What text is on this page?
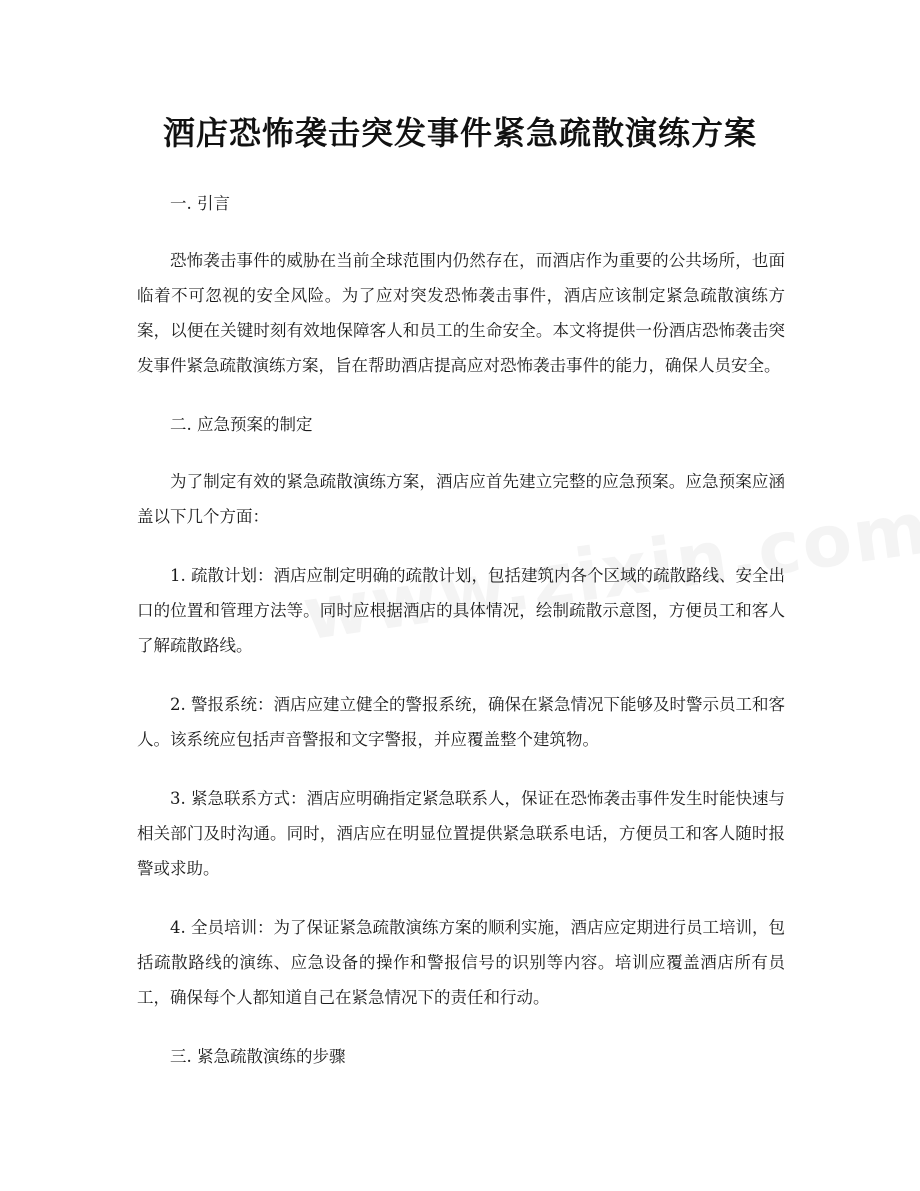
酒店恐怖袭击突发事件紧急疏散演练方案

一. 引言

恐怖袭击事件的威胁在当前全球范围内仍然存在，而酒店作为重要的公共场所，也面临着不可忽视的安全风险。为了应对突发恐怖袭击事件，酒店应该制定紧急疏散演练方案，以便在关键时刻有效地保障客人和员工的生命安全。本文将提供一份酒店恐怖袭击突发事件紧急疏散演练方案，旨在帮助酒店提高应对恐怖袭击事件的能力，确保人员安全。

二. 应急预案的制定

为了制定有效的紧急疏散演练方案，酒店应首先建立完整的应急预案。应急预案应涵盖以下几个方面：

1. 疏散计划：酒店应制定明确的疏散计划，包括建筑内各个区域的疏散路线、安全出口的位置和管理方法等。同时应根据酒店的具体情况，绘制疏散示意图，方便员工和客人了解疏散路线。

2. 警报系统：酒店应建立健全的警报系统，确保在紧急情况下能够及时警示员工和客人。该系统应包括声音警报和文字警报，并应覆盖整个建筑物。

3. 紧急联系方式：酒店应明确指定紧急联系人，保证在恐怖袭击事件发生时能快速与相关部门及时沟通。同时，酒店应在明显位置提供紧急联系电话，方便员工和客人随时报警或求助。

4. 全员培训：为了保证紧急疏散演练方案的顺利实施，酒店应定期进行员工培训，包括疏散路线的演练、应急设备的操作和警报信号的识别等内容。培训应覆盖酒店所有员工，确保每个人都知道自己在紧急情况下的责任和行动。

三. 紧急疏散演练的步骤
